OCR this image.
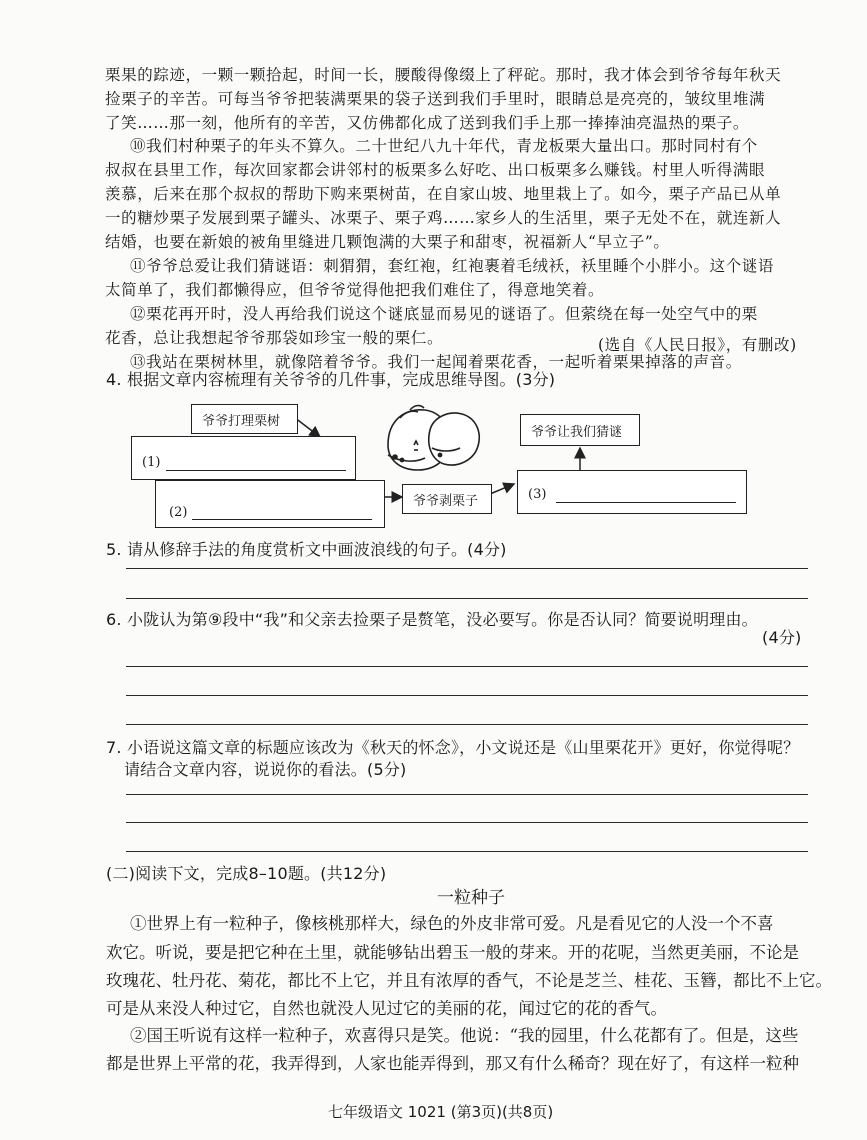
栗果的踪迹，一颗一颗拾起，时间一长，腰酸得像缀上了秤砣。那时，我才体会到爷爷每年秋天
捡栗子的辛苦。可每当爷爷把装满栗果的袋子送到我们手里时，眼睛总是亮亮的，皱纹里堆满
了笑……那一刻，他所有的辛苦，又仿佛都化成了送到我们手上那一捧捧油亮温热的栗子。
⑩我们村种栗子的年头不算久。二十世纪八九十年代，青龙板栗大量出口。那时同村有个
叔叔在县里工作，每次回家都会讲邻村的板栗多么好吃、出口板栗多么赚钱。村里人听得满眼
羡慕，后来在那个叔叔的帮助下购来栗树苗，在自家山坡、地里栽上了。如今，栗子产品已从单
一的糖炒栗子发展到栗子罐头、冰栗子、栗子鸡……家乡人的生活里，栗子无处不在，就连新人
结婚，也要在新娘的被角里缝进几颗饱满的大栗子和甜枣，祝福新人“早立子”。
⑪爷爷总爱让我们猜谜语：刺猬猬，套红袍，红袍裹着毛绒袄，袄里睡个小胖小。这个谜语
太简单了，我们都懒得应，但爷爷觉得他把我们难住了，得意地笑着。
⑫栗花再开时，没人再给我们说这个谜底显而易见的谜语了。但萦绕在每一处空气中的栗
花香，总让我想起爷爷那袋如珍宝一般的栗仁。
⑬我站在栗树林里，就像陪着爷爷。我们一起闻着栗花香，一起听着栗果掉落的声音。
(选自《人民日报》，有删改)
4. 根据文章内容梳理有关爷爷的几件事，完成思维导图。(3分)
爷爷打理栗树
(1)
(2)
爷爷剥栗子	(3)
爷爷让我们猜谜
5. 请从修辞手法的角度赏析文中画波浪线的句子。(4分)
6. 小陇认为第⑨段中“我”和父亲去捡栗子是赘笔，没必要写。你是否认同？简要说明理由。
(4分)
7. 小语说这篇文章的标题应该改为《秋天的怀念》，小文说还是《山里栗花开》更好，你觉得呢？
请结合文章内容，说说你的看法。(5分)
(二)阅读下文，完成8–10题。(共12分)
一粒种子
①世界上有一粒种子，像核桃那样大，绿色的外皮非常可爱。凡是看见它的人没一个不喜
欢它。听说，要是把它种在土里，就能够钻出碧玉一般的芽来。开的花呢，当然更美丽，不论是
玫瑰花、牡丹花、菊花，都比不上它，并且有浓厚的香气，不论是芝兰、桂花、玉簪，都比不上它。
可是从来没人种过它，自然也就没人见过它的美丽的花，闻过它的花的香气。
②国王听说有这样一粒种子，欢喜得只是笑。他说：“我的园里，什么花都有了。但是，这些
都是世界上平常的花，我弄得到，人家也能弄得到，那又有什么稀奇？现在好了，有这样一粒种
七年级语文 1021 (第3页)(共8页)
